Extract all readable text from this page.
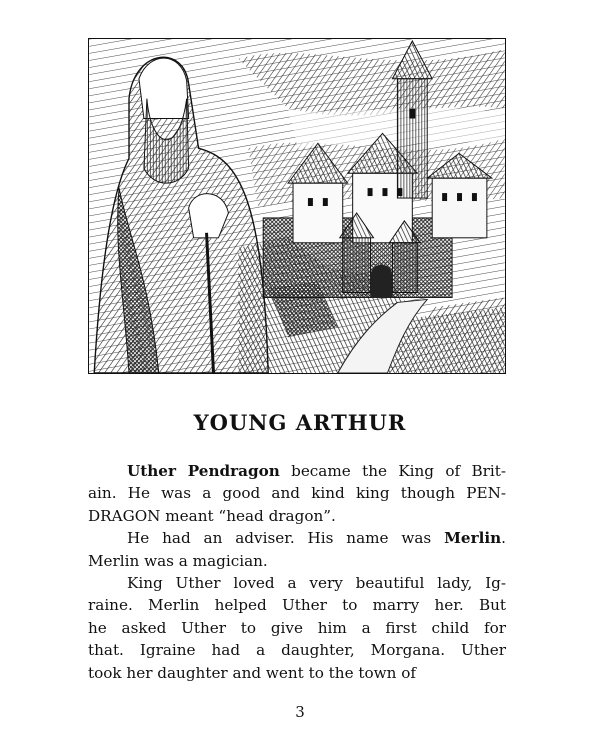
YOUNG ARTHUR
Uther Pendragon became the King of Brit-
ain. He was a good and kind king though PEN-
DRAGON meant “head dragon”.
He had an adviser. His name was Merlin.
Merlin was a magician.
King Uther loved a very beautiful lady, Ig-
raine. Merlin helped Uther to marry her. But
he asked Uther to give him a first child for
that. Igraine had a daughter, Morgana. Uther
took her daughter and went to the town of
3
